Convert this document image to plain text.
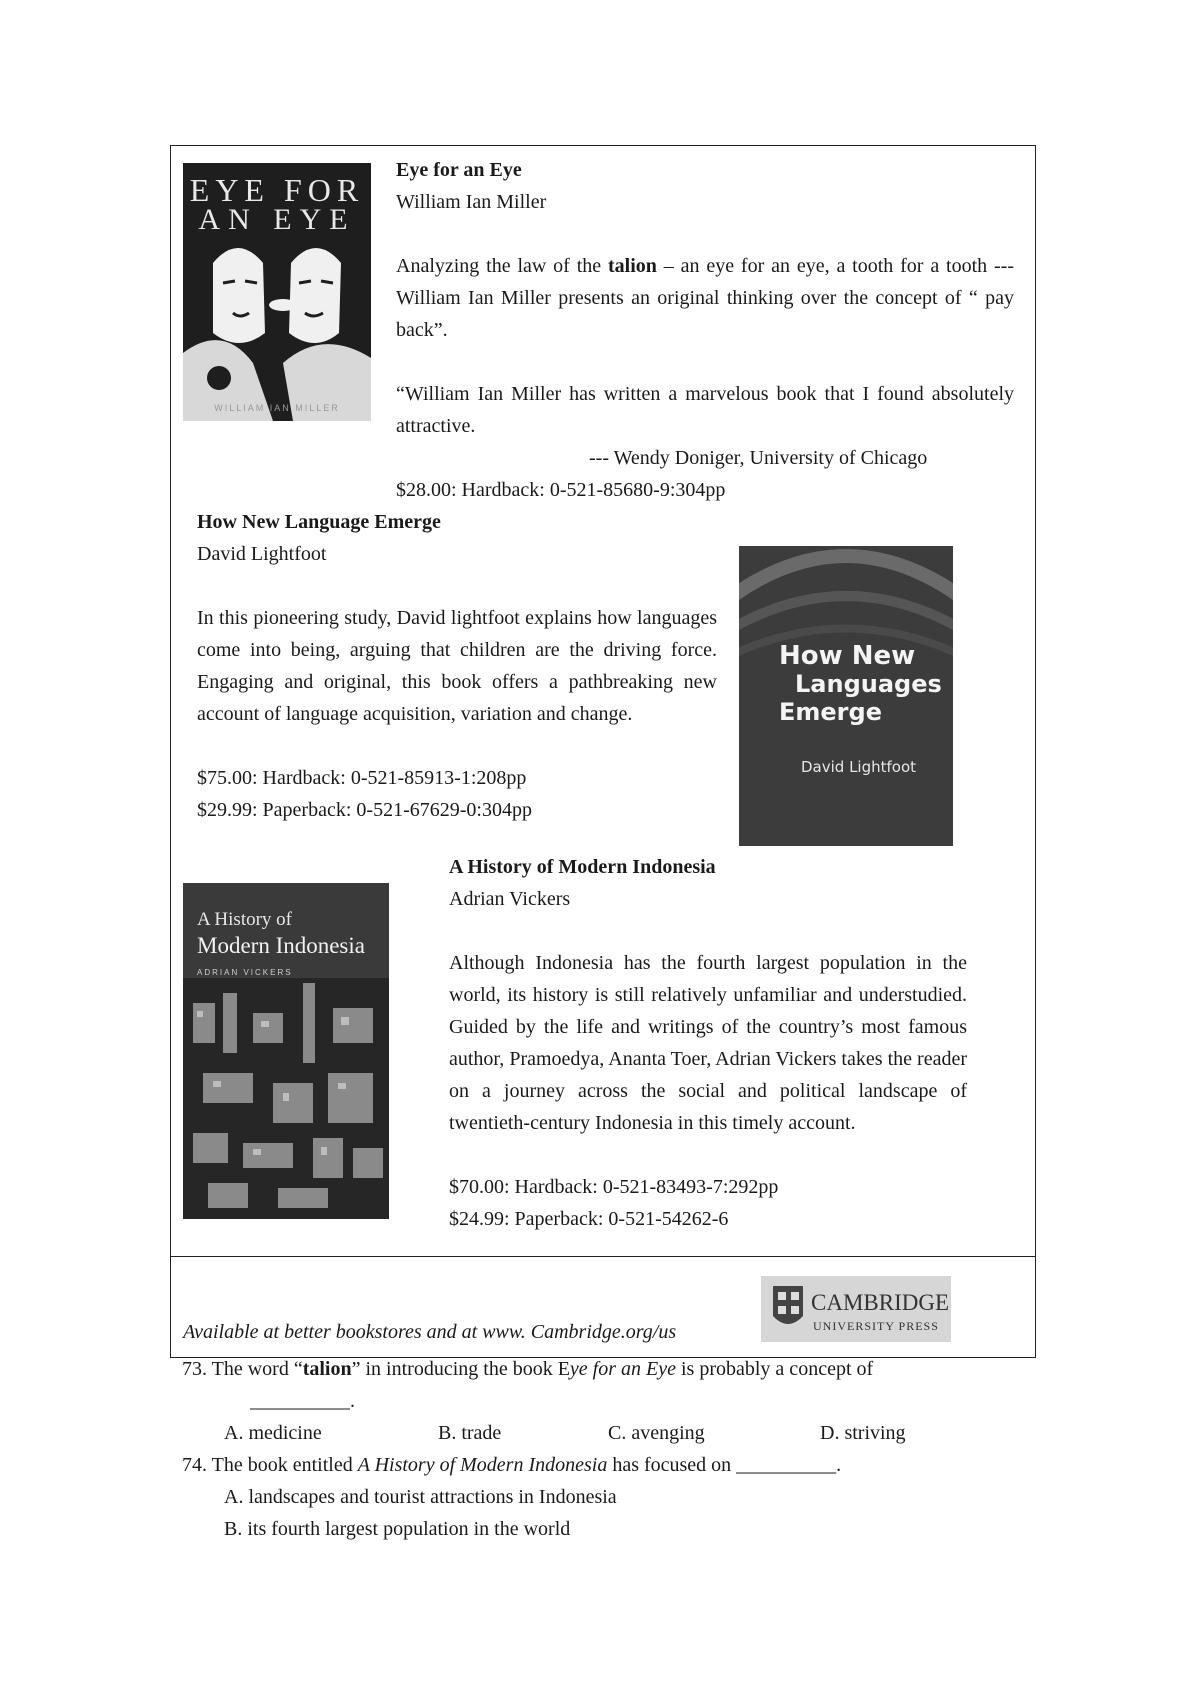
EYE FOR
AN EYE
WILLIAM IAN MILLER
Eye for an Eye
William Ian Miller
Analyzing the law of the talion – an eye for an eye, a tooth for a tooth --- William Ian Miller presents an original thinking over the concept of “ pay back”.
“William Ian Miller has written a marvelous book that I found absolutely attractive.
--- Wendy Doniger, University of Chicago
$28.00: Hardback: 0-521-85680-9:304pp
How New Language Emerge
David Lightfoot
In this pioneering study, David lightfoot explains how languages come into being, arguing that children are the driving force. Engaging and original, this book offers a pathbreaking new account of language acquisition, variation and change.
$75.00: Hardback: 0-521-85913-1:208pp
$29.99: Paperback: 0-521-67629-0:304pp
How New
Languages
Emerge
David Lightfoot
A History of
Modern Indonesia
ADRIAN VICKERS
A History of Modern Indonesia
Adrian Vickers
Although Indonesia has the fourth largest population in the world, its history is still relatively unfamiliar and understudied. Guided by the life and writings of the country’s most famous author, Pramoedya, Ananta Toer, Adrian Vickers takes the reader on a journey across the social and political landscape of twentieth-century Indonesia in this timely account.
$70.00: Hardback: 0-521-83493-7:292pp
$24.99: Paperback: 0-521-54262-6
Available at better bookstores and at www. Cambridge.org/us
CAMBRIDGE
UNIVERSITY PRESS
73. The word “talion” in introducing the book Eye for an Eye is probably a concept of
__________.
A. medicine	B. trade	C. avenging	D. striving
74. The book entitled A History of Modern Indonesia has focused on __________.
A. landscapes and tourist attractions in Indonesia
B. its fourth largest population in the world
